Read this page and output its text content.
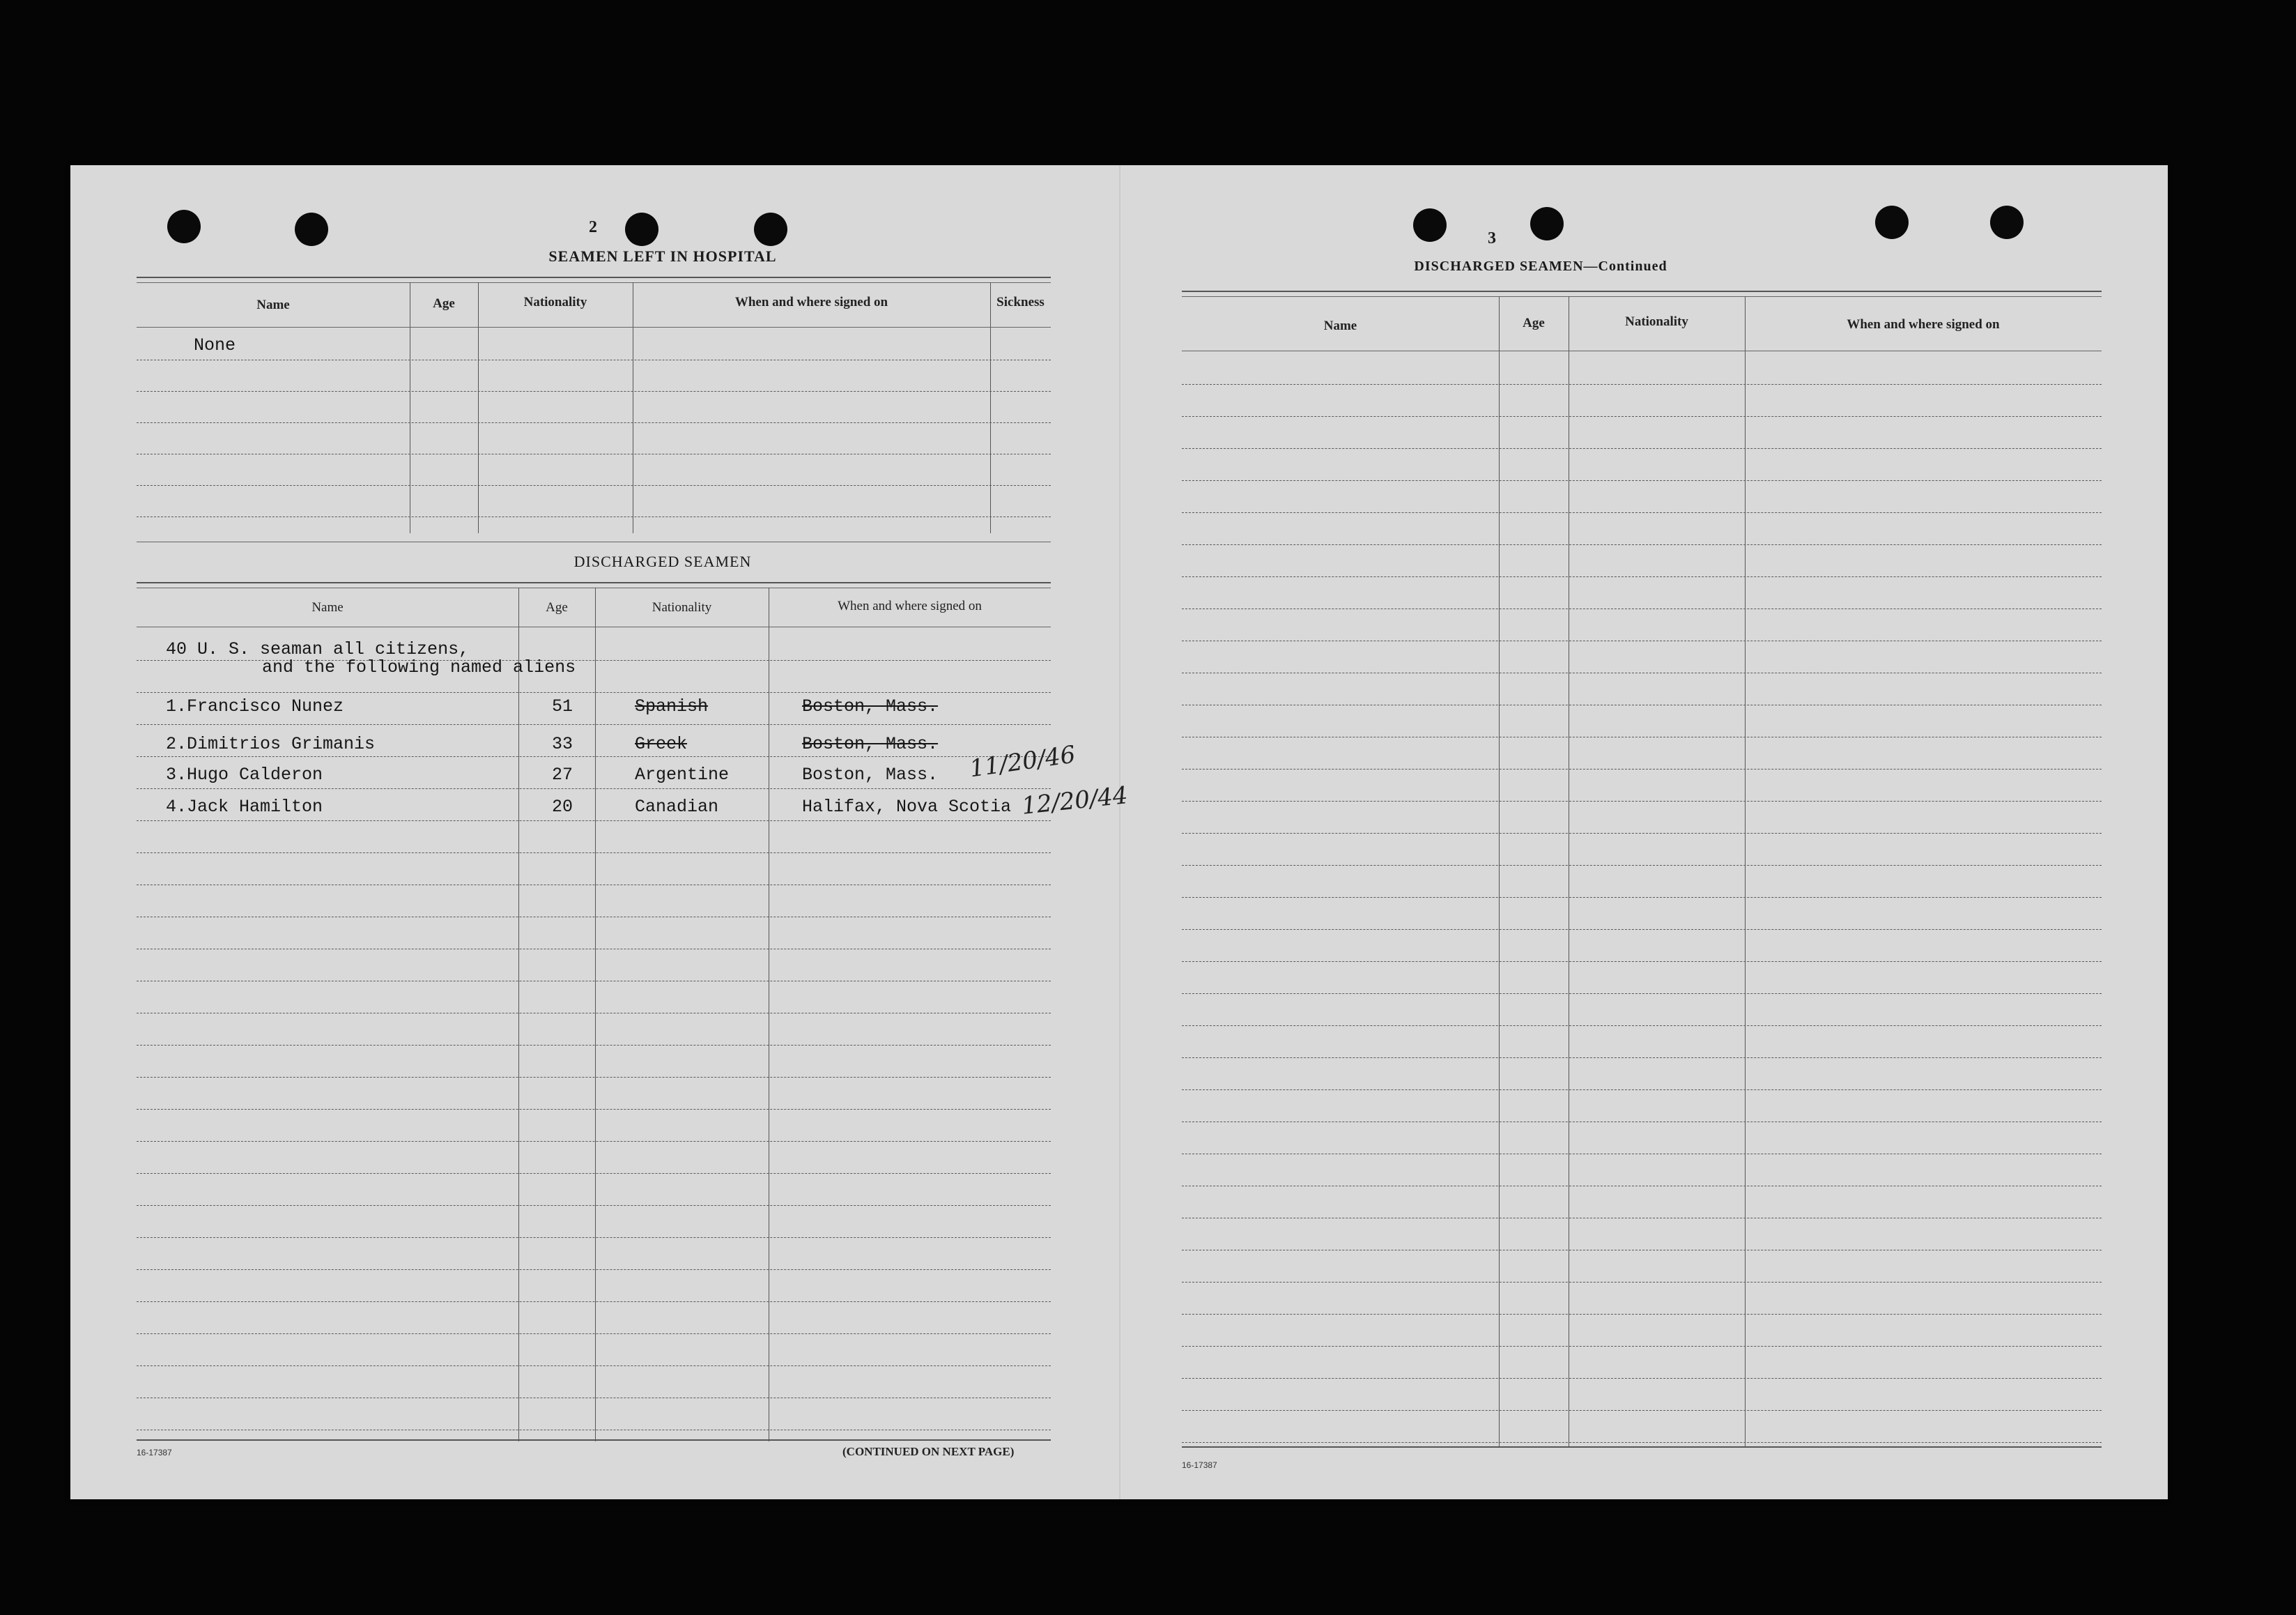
2
SEAMEN LEFT IN HOSPITAL
Name	Age	Nationality	When and where signed on	Sickness
None
DISCHARGED SEAMEN
Name	Age	Nationality	When and where signed on
40 U. S. seaman all citizens,
and the following named aliens
1.Francisco Nunez	51	Spanish	Boston, Mass.
2.Dimitrios Grimanis	33	Greek	Boston, Mass.
3.Hugo Calderon	27	Argentine	Boston, Mass.
4.Jack Hamilton	20	Canadian	Halifax, Nova Scotia
11/20/46
12/20/44
16-17387	(CONTINUED ON NEXT PAGE)
3
DISCHARGED SEAMEN—Continued
Name	Age	Nationality	When and where signed on
16-17387
